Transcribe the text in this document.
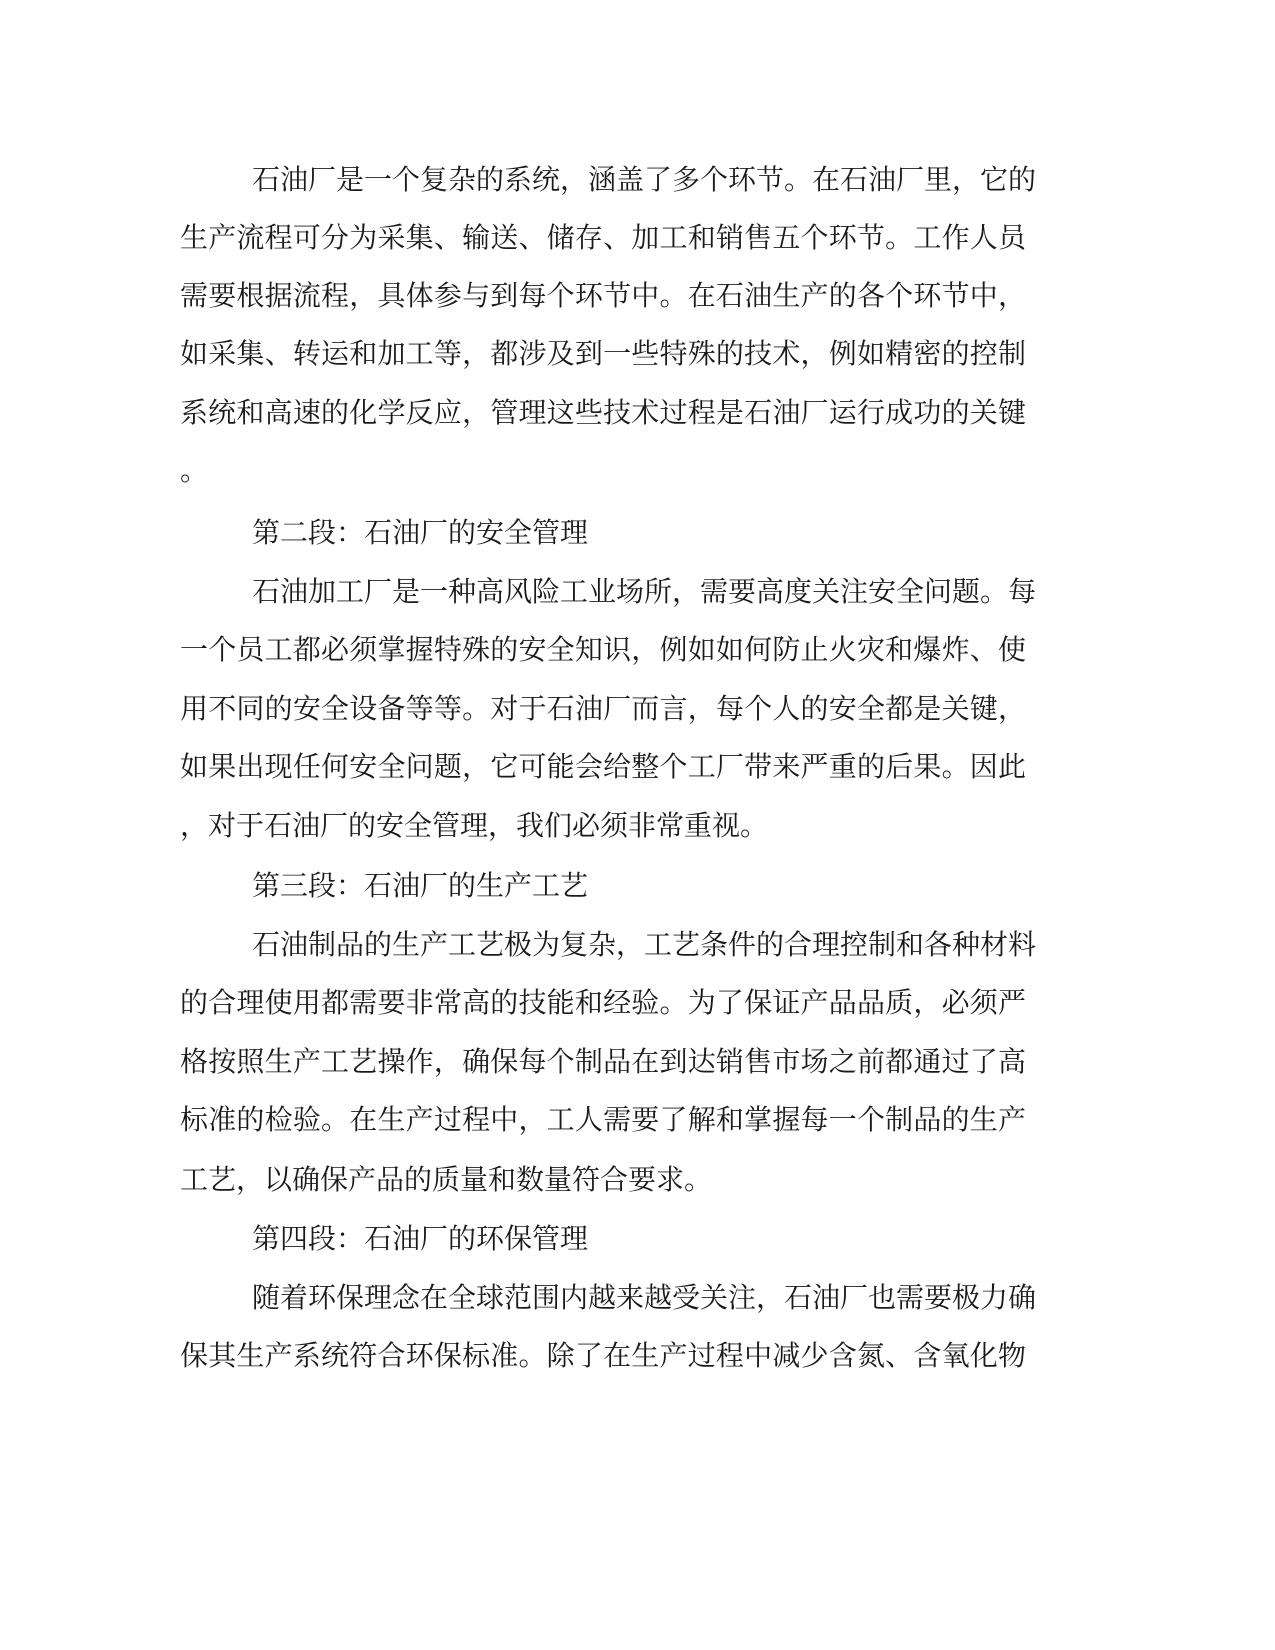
石油厂是一个复杂的系统，涵盖了多个环节。在石油厂里，它的
生产流程可分为采集、输送、储存、加工和销售五个环节。工作人员
需要根据流程，具体参与到每个环节中。在石油生产的各个环节中，
如采集、转运和加工等，都涉及到一些特殊的技术，例如精密的控制
系统和高速的化学反应，管理这些技术过程是石油厂运行成功的关键
。
第二段：石油厂的安全管理
石油加工厂是一种高风险工业场所，需要高度关注安全问题。每
一个员工都必须掌握特殊的安全知识，例如如何防止火灾和爆炸、使
用不同的安全设备等等。对于石油厂而言，每个人的安全都是关键，
如果出现任何安全问题，它可能会给整个工厂带来严重的后果。因此
，对于石油厂的安全管理，我们必须非常重视。
第三段：石油厂的生产工艺
石油制品的生产工艺极为复杂，工艺条件的合理控制和各种材料
的合理使用都需要非常高的技能和经验。为了保证产品品质，必须严
格按照生产工艺操作，确保每个制品在到达销售市场之前都通过了高
标准的检验。在生产过程中，工人需要了解和掌握每一个制品的生产
工艺，以确保产品的质量和数量符合要求。
第四段：石油厂的环保管理
随着环保理念在全球范围内越来越受关注，石油厂也需要极力确
保其生产系统符合环保标准。除了在生产过程中减少含氮、含氧化物
